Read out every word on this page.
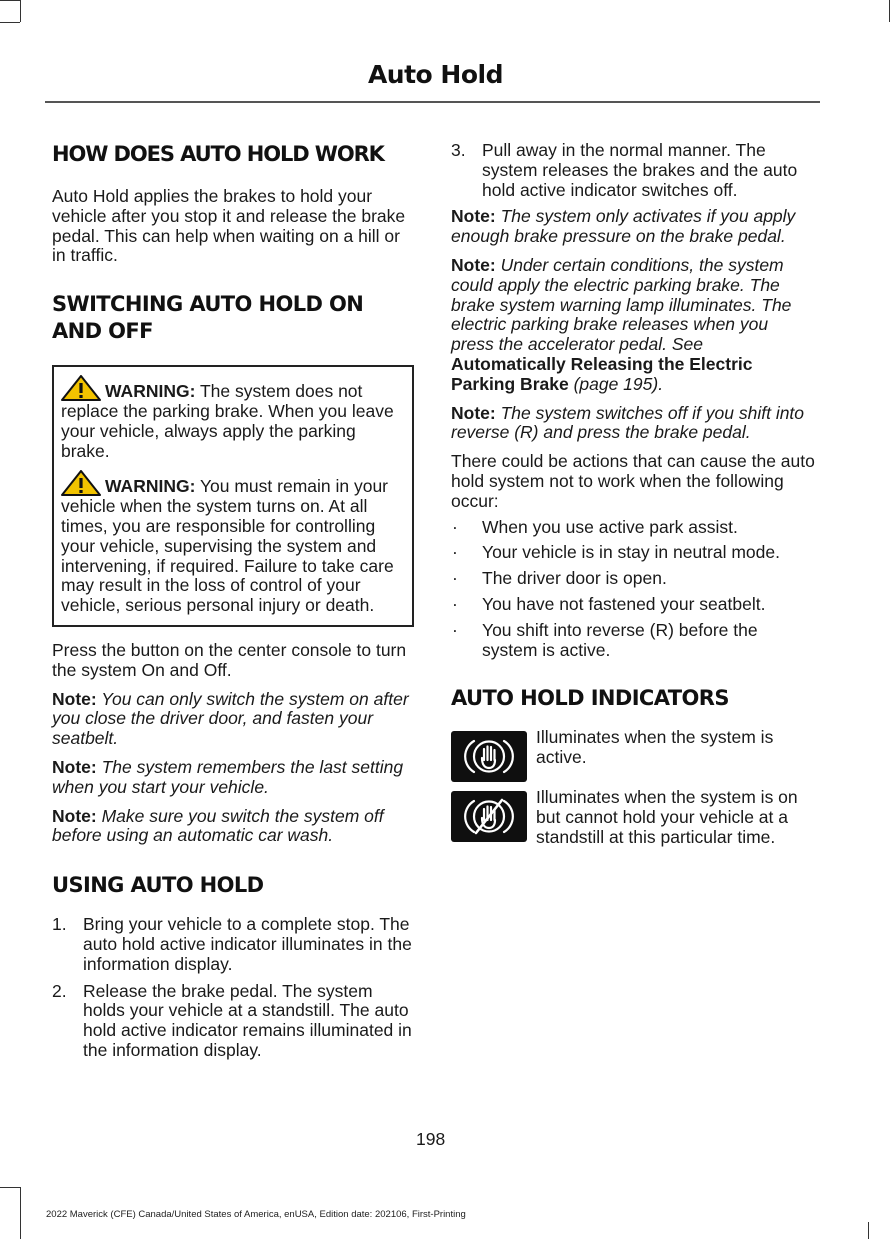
Auto Hold
HOW DOES AUTO HOLD WORK

Auto Hold applies the brakes to hold your vehicle after you stop it and release the brake pedal. This can help when waiting on a hill or in traffic.

SWITCHING AUTO HOLD ON AND OFF
WARNING: The system does not replace the parking brake. When you leave your vehicle, always apply the parking brake.
WARNING: You must remain in your vehicle when the system turns on. At all times, you are responsible for controlling your vehicle, supervising the system and intervening, if required. Failure to take care may result in the loss of control of your vehicle, serious personal injury or death.

Press the button on the center console to turn the system On and Off.

Note: You can only switch the system on after you close the driver door, and fasten your seatbelt.
Note: The system remembers the last setting when you start your vehicle.
Note: Make sure you switch the system off before using an automatic car wash.
USING AUTO HOLD
1. Bring your vehicle to a complete stop. The auto hold active indicator illuminates in the information display.
2. Release the brake pedal. The system holds your vehicle at a standstill. The auto hold active indicator remains illuminated in the information display.
3. Pull away in the normal manner. The system releases the brakes and the auto hold active indicator switches off.
Note: The system only activates if you apply enough brake pressure on the brake pedal.
Note: Under certain conditions, the system could apply the electric parking brake. The brake system warning lamp illuminates. The electric parking brake releases when you press the accelerator pedal. See Automatically Releasing the Electric Parking Brake (page 195).
Note: The system switches off if you shift into reverse (R) and press the brake pedal.

There could be actions that can cause the auto hold system not to work when the following occur:

· When you use active park assist.
· Your vehicle is in stay in neutral mode.
· The driver door is open.
· You have not fastened your seatbelt.
· You shift into reverse (R) before the system is active.
AUTO HOLD INDICATORS
Illuminates when the system is active.
Illuminates when the system is on but cannot hold your vehicle at a standstill at this particular time.
198
2022 Maverick (CFE) Canada/United States of America, enUSA, Edition date: 202106, First-Printing
